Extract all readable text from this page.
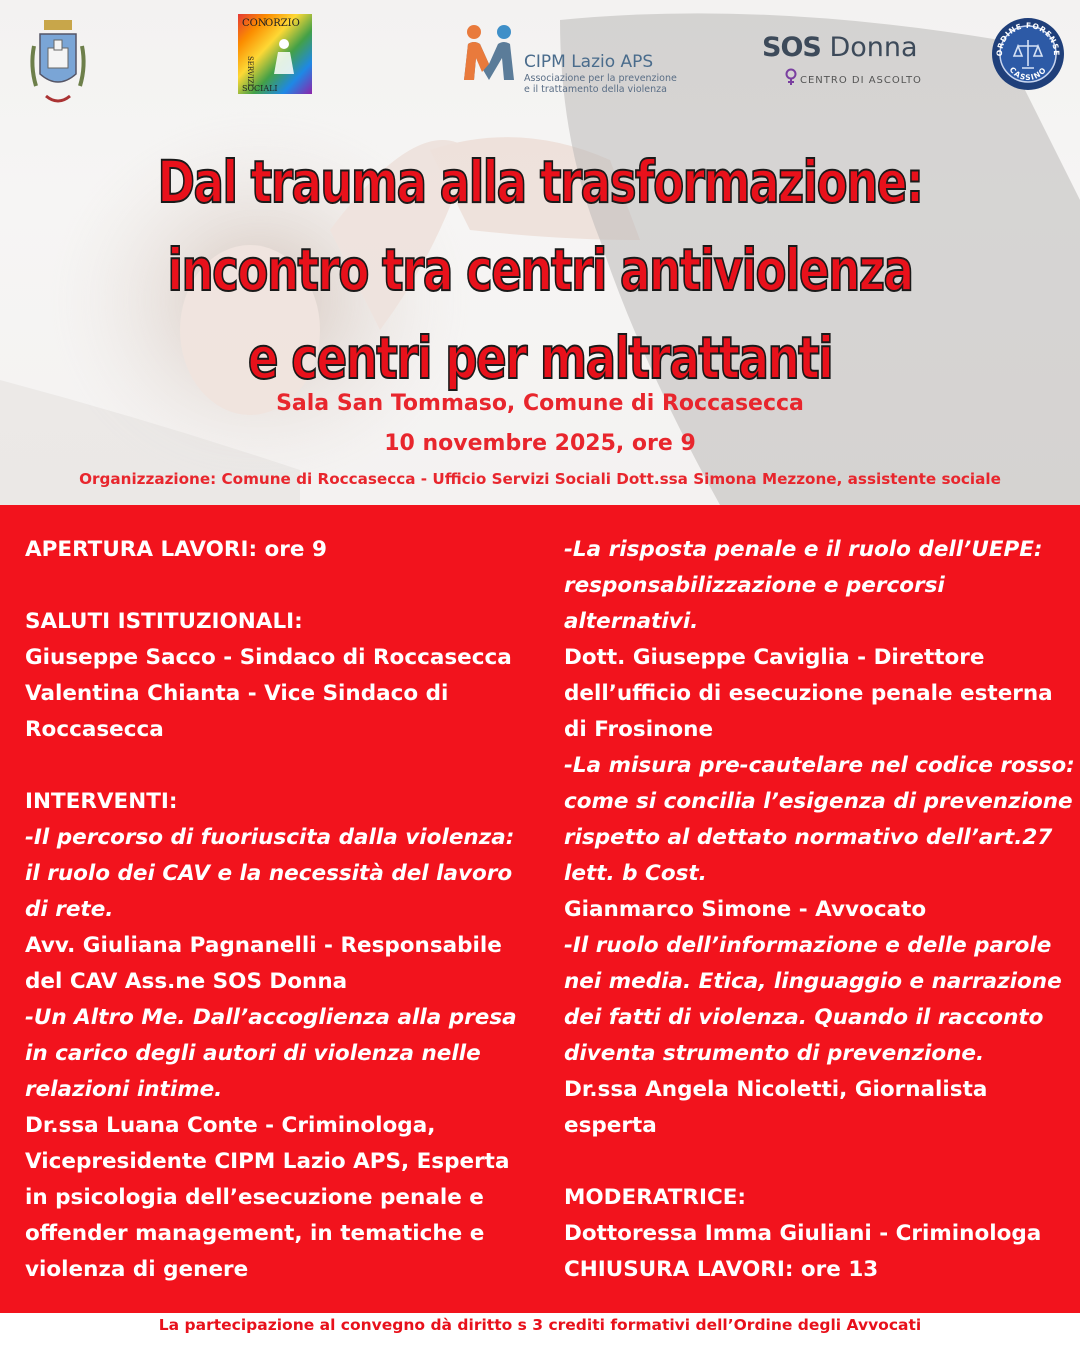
CON
ORZIO
SERVIZI
SOCIALI
CIPM Lazio APS
Associazione per la prevenzione
e il trattamento della violenza
SOS Donna
CENTRO DI ASCOLTO
ORDINE FORENSE
CASSINO
Dal trauma alla trasformazione:
incontro tra centri antiviolenza
e centri per maltrattanti
Sala San Tommaso, Comune di Roccasecca
10 novembre 2025, ore 9
Organizzazione: Comune di Roccasecca - Ufficio Servizi Sociali Dott.ssa Simona Mezzone, assistente sociale

APERTURA LAVORI: ore 9

SALUTI ISTITUZIONALI:

Giuseppe Sacco - Sindaco di Roccasecca

Valentina Chianta - Vice Sindaco di

Roccasecca

INTERVENTI:

-Il percorso di fuoriuscita dalla violenza:

il ruolo dei CAV e la necessità del lavoro

di rete.

Avv. Giuliana Pagnanelli - Responsabile

del CAV Ass.ne SOS Donna

-Un Altro Me. Dall’accoglienza alla presa

in carico degli autori di violenza nelle

relazioni intime.

Dr.ssa Luana Conte - Criminologa,

Vicepresidente CIPM Lazio APS, Esperta

in psicologia dell’esecuzione penale e

offender management, in tematiche e

violenza di genere

-La risposta penale e il ruolo dell’UEPE:

responsabilizzazione e percorsi

alternativi.

Dott. Giuseppe Caviglia - Direttore

dell’ufficio di esecuzione penale esterna

di Frosinone

-La misura pre-cautelare nel codice rosso:

come si concilia l’esigenza di prevenzione

rispetto al dettato normativo dell’art.27

lett. b Cost.

Gianmarco Simone - Avvocato

-Il ruolo dell’informazione e delle parole

nei media. Etica, linguaggio e narrazione

dei fatti di violenza. Quando il racconto

diventa strumento di prevenzione.

Dr.ssa Angela Nicoletti, Giornalista

esperta

MODERATRICE:

Dottoressa Imma Giuliani - Criminologa

CHIUSURA LAVORI: ore 13

La partecipazione al convegno dà diritto s 3 crediti formativi dell’Ordine degli Avvocati
